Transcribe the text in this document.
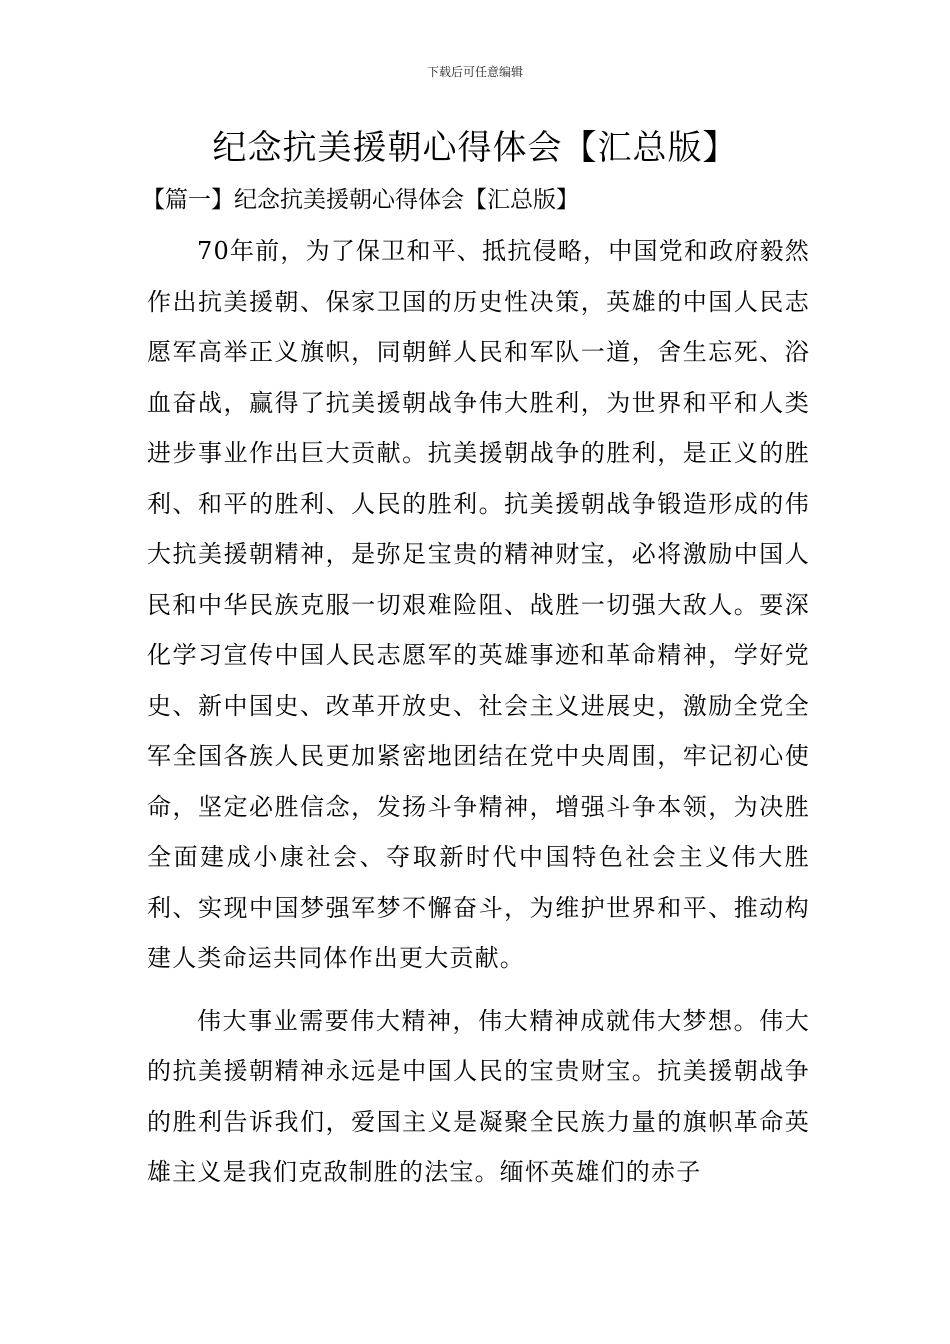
下载后可任意编辑
纪念抗美援朝心得体会【汇总版】
【篇一】纪念抗美援朝心得体会【汇总版】

70年前，为了保卫和平、抵抗侵略，中国党和政府毅然作出抗美援朝、保家卫国的历史性决策，英雄的中国人民志愿军高举正义旗帜，同朝鲜人民和军队一道，舍生忘死、浴血奋战，赢得了抗美援朝战争伟大胜利，为世界和平和人类进步事业作出巨大贡献。抗美援朝战争的胜利，是正义的胜利、和平的胜利、人民的胜利。抗美援朝战争锻造形成的伟大抗美援朝精神，是弥足宝贵的精神财宝，必将激励中国人民和中华民族克服一切艰难险阻、战胜一切强大敌人。要深化学习宣传中国人民志愿军的英雄事迹和革命精神，学好党史、新中国史、改革开放史、社会主义进展史，激励全党全军全国各族人民更加紧密地团结在党中央周围，牢记初心使命，坚定必胜信念，发扬斗争精神，增强斗争本领，为决胜全面建成小康社会、夺取新时代中国特色社会主义伟大胜利、实现中国梦强军梦不懈奋斗，为维护世界和平、推动构建人类命运共同体作出更大贡献。

伟大事业需要伟大精神，伟大精神成就伟大梦想。伟大的抗美援朝精神永远是中国人民的宝贵财宝。抗美援朝战争的胜利告诉我们，爱国主义是凝聚全民族力量的旗帜革命英雄主义是我们克敌制胜的法宝。缅怀英雄们的赤子
